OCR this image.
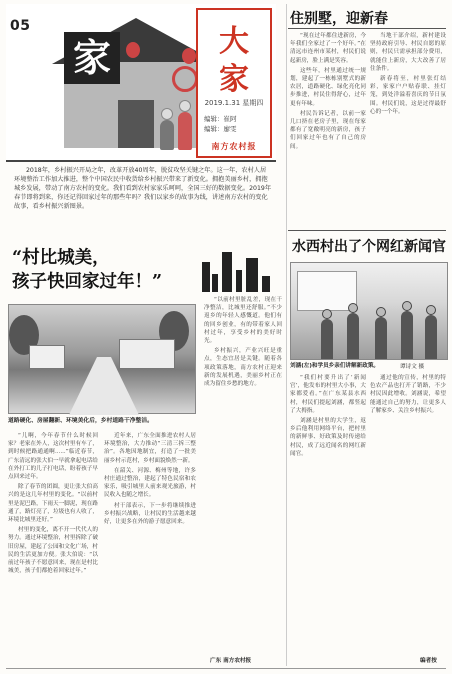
家
05	大
家
2019.1.31 星期四
编辑：崔阿
编辑：廖雯
南方农村报
2018年，乡村振兴开局之年，改革开放40周年，脱贫攻坚关键之年。这一年，农村人居环境整治工作加大推进，整个中国农民中收货给乡村振兴带来了新变化。拥抱美丽乡村，拥抱城乡发展，带动了南方农村的变化。我们看到农村家家乐呵呵，全国三好的数据变化。2019年春节即将到来，你还记得回家过年的那些年吗？我们以家乡的故事为线，讲述南方农村的变化故事，看乡村振兴新图景。
“村比城美，
孩子快回家过年！”
道路硬化、房屋翻新、环境美化后，乡村道路干净整洁。

“儿啊，今年春节什么时候回家？老家在外人，这次村里有车了，到时候把路通通啊......”临近春节，广东清远的张大伯一早就拿起电话给在外打工的儿子打电话，盼着孩子早点回来过年。

除了春节的团圆，更让张大伯高兴的是这几年村里的变化。“以前村里是泥巴路，下雨天一脚泥，现在路通了，路灯亮了，垃圾也有人收了，环境比城里还好。”

村里的变化，离不开一代代人的努力。通过环境整治，村里拆除了破旧房屋，建起了公园和文化广场，村民的生活更加方便。张大伯说：“以前过年孩子不愿意回来，现在是村比城美，孩子们都抢着回家过年。”

近年来，广东全面推进农村人居环境整治，大力推动“三清三拆三整治”。各地因地制宜，打造了一批美丽乡村示范村，乡村面貌焕然一新。

在韶关、河源、梅州等地，许多村庄通过整治，建起了特色民宿和农家乐，吸引城里人前来观光旅游，村民收入也随之增长。

村干部表示，下一步将继续推进乡村振兴战略，让村民的生活越来越好，让更多在外的游子愿意回来。

“以前村里脏乱差，现在干净整洁，比城里还舒服。”不少返乡的年轻人感慨道。他们有的回乡创业，有的带着家人回村过年，享受乡村的美好时光。

乡村振兴，产业兴旺是重点，生态宜居是关键。随着各项政策落地，南方农村正迎来新的发展机遇，美丽乡村正在成为留住乡愁的地方。

广东 南方农村报
住别墅，迎新春

“现在过年都住进新房，今年我们全家过了一个好年。”在清远市连州市某村，村民们说起新房，脸上满是笑容。

这些年，村里通过统一规划，建起了一栋栋别墅式的新农居，道路硬化、绿化亮化同步推进，村民住得舒心，过年更有年味。

村民告诉记者，以前一家几口挤在老房子里，现在每家都有了宽敞明亮的新房，孩子们回家过年也有了自己的房间。

当地干部介绍，新村建设坚持政府引导、村民自愿的原则，村民只需承担部分费用，就能住上新房，大大改善了居住条件。

新春将至，村里张灯结彩，家家户户贴春联、挂灯笼，到处洋溢着喜庆的节日氛围。村民们说，这是过得最舒心的一个年。

水西村出了个网红新闻官
刘涵(左)和学员乡亲们讲解新政策。	谭诗文 摄

“我们村要升出了‘新闻官’，他发布的村里大小事，大家都爱看。”在广东某县水西村，村民们提起刘涵，都竖起了大拇指。

刘涵是村里的大学生，返乡后他利用网络平台，把村里的新鲜事、好政策及时传递给村民，成了远近闻名的网红新闻官。

通过他的宣传，村里的特色农产品也打开了销路，不少村民因此增收。刘涵说，希望能通过自己的努力，让更多人了解家乡、关注乡村振兴。

编者按
